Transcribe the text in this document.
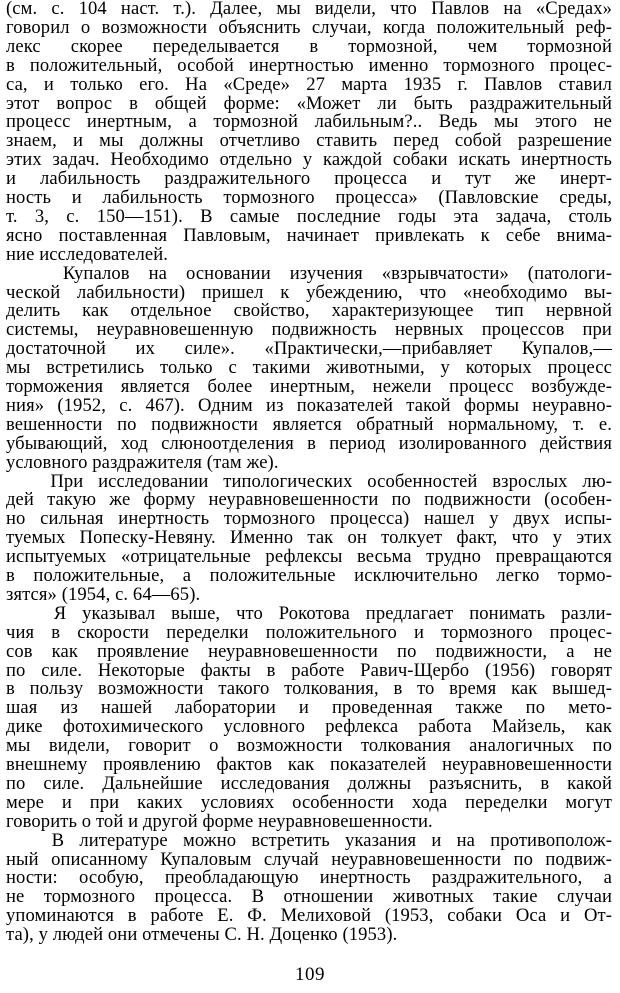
(см. с. 104 наст. т.). Далее, мы видели, что Павлов на «Средах»
говорил о возможности объяснить случаи, когда положительный реф-
лекс скорее переделывается в тормозной, чем тормозной
в положительный, особой инертностью именно тормозного процес-
са, и только его. На «Среде» 27 марта 1935 г. Павлов ставил
этот вопрос в общей форме: «Может ли быть раздражительный
процесс инертным, а тормозной лабильным?.. Ведь мы этого не
знаем, и мы должны отчетливо ставить перед собой разрешение
этих задач. Необходимо отдельно у каждой собаки искать инертность
и лабильность раздражительного процесса и тут же инерт-
ность и лабильность тормозного процесса» (Павловские среды,
т. 3, с. 150—151). В самые последние годы эта задача, столь
ясно поставленная Павловым, начинает привлекать к себе внима-
ние исследователей.
Купалов на основании изучения «взрывчатости» (патологи-
ческой лабильности) пришел к убеждению, что «необходимо вы-
делить как отдельное свойство, характеризующее тип нервной
системы, неуравновешенную подвижность нервных процессов при
достаточной их силе». «Практически,—прибавляет Купалов,—
мы встретились только с такими животными, у которых процесс
торможения является более инертным, нежели процесс возбужде-
ния» (1952, с. 467). Одним из показателей такой формы неуравно-
вешенности по подвижности является обратный нормальному, т. е.
убывающий, ход слюноотделения в период изолированного действия
условного раздражителя (там же).
При исследовании типологических особенностей взрослых лю-
дей такую же форму неуравновешенности по подвижности (особен-
но сильная инертность тормозного процесса) нашел у двух испы-
туемых Попеску-Невяну. Именно так он толкует факт, что у этих
испытуемых «отрицательные рефлексы весьма трудно превращаются
в положительные, а положительные исключительно легко тормо-
зятся» (1954, с. 64—65).
Я указывал выше, что Рокотова предлагает понимать разли-
чия в скорости переделки положительного и тормозного процес-
сов как проявление неуравновешенности по подвижности, а не
по силе. Некоторые факты в работе Равич-Щербо (1956) говорят
в пользу возможности такого толкования, в то время как вышед-
шая из нашей лаборатории и проведенная также по мето-
дике фотохимического условного рефлекса работа Майзель, как
мы видели, говорит о возможности толкования аналогичных по
внешнему проявлению фактов как показателей неуравновешенности
по силе. Дальнейшие исследования должны разъяснить, в какой
мере и при каких условиях особенности хода переделки могут
говорить о той и другой форме неуравновешенности.
В литературе можно встретить указания и на противополож-
ный описанному Купаловым случай неуравновешенности по подвиж-
ности: особую, преобладающую инертность раздражительного, а
не тормозного процесса. В отношении животных такие случаи
упоминаются в работе Е. Ф. Мелиховой (1953, собаки Оса и От-
та), у людей они отмечены С. Н. Доценко (1953).
109
